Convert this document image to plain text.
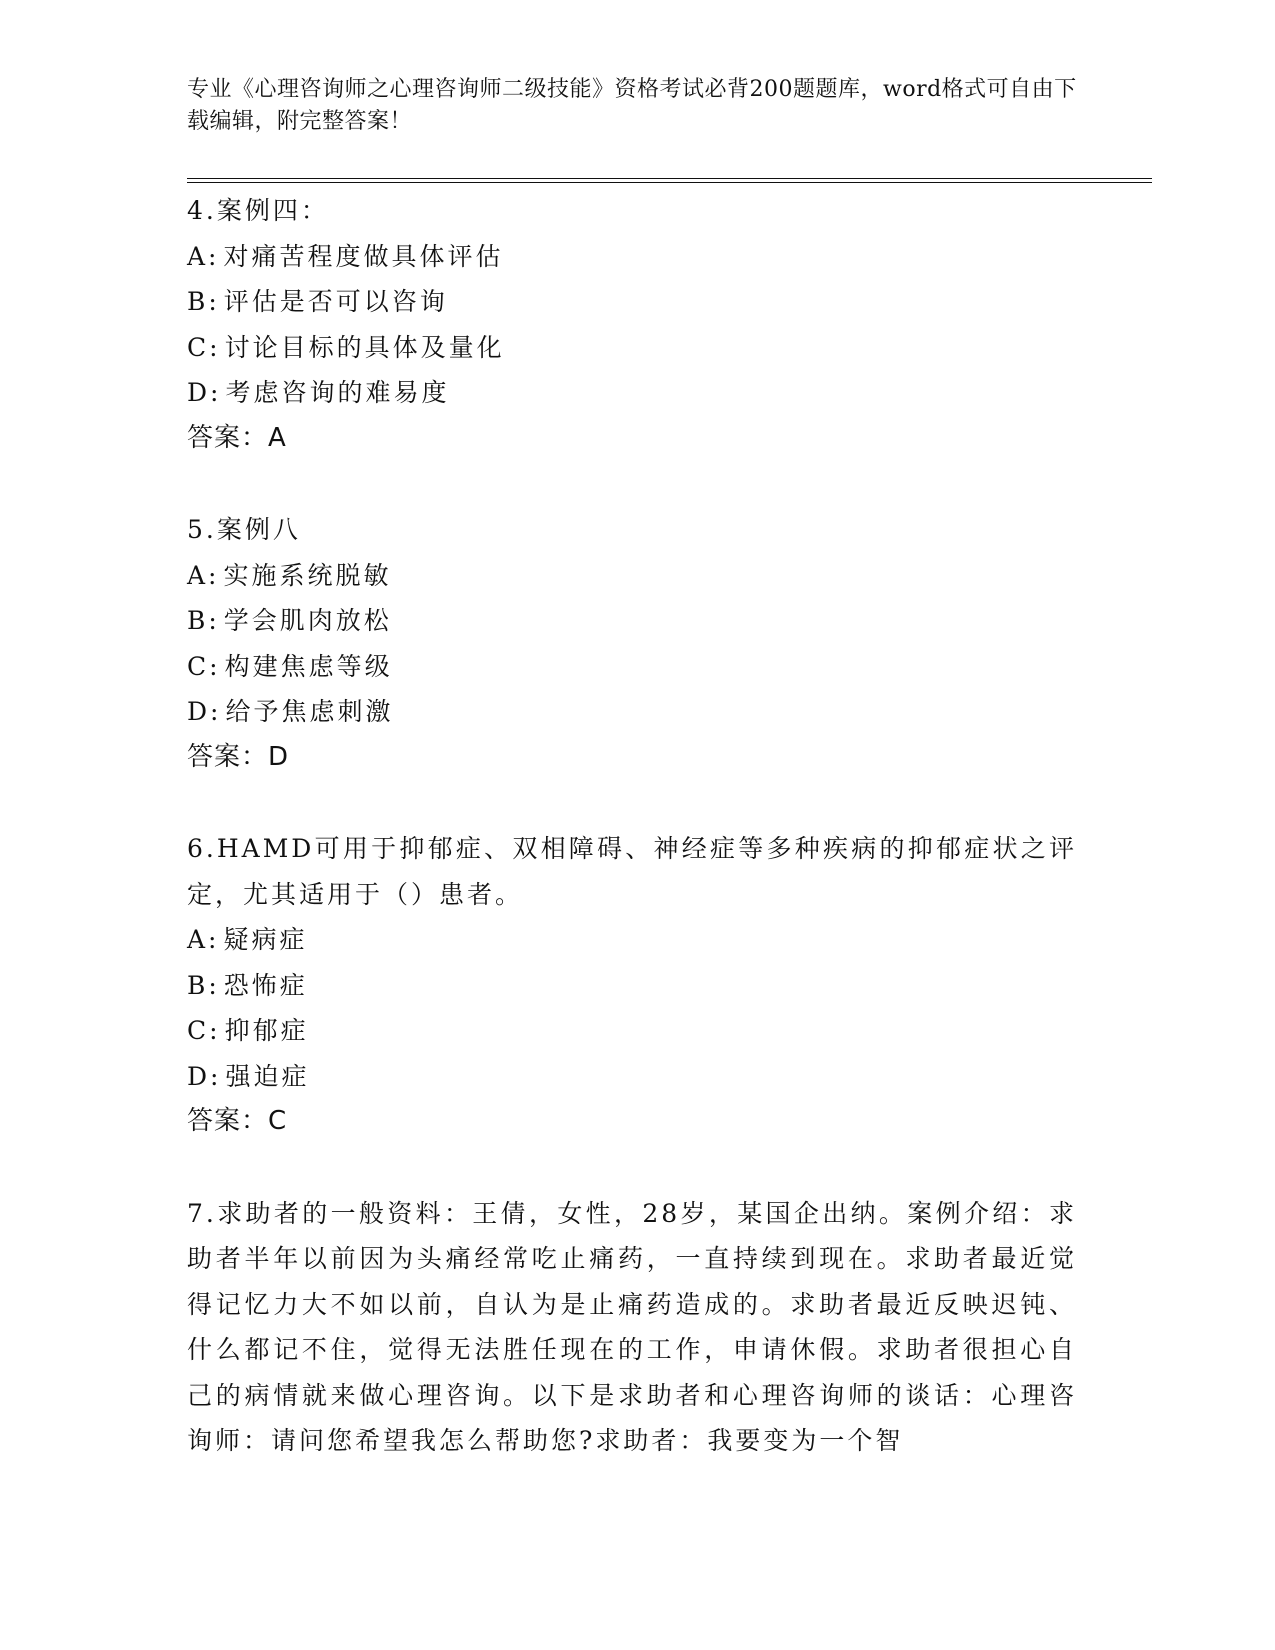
专业《心理咨询师之心理咨询师二级技能》资格考试必背200题题库，word格式可自由下载编辑，附完整答案！
4.案例四：
A: 对痛苦程度做具体评估
B: 评估是否可以咨询
C: 讨论目标的具体及量化
D: 考虑咨询的难易度
答案：A
5.案例八
A: 实施系统脱敏
B: 学会肌肉放松
C: 构建焦虑等级
D: 给予焦虑刺激
答案：D
6.HAMD可用于抑郁症、双相障碍、神经症等多种疾病的抑郁症状之评定，尤其适用于（）患者。
A: 疑病症
B: 恐怖症
C: 抑郁症
D: 强迫症
答案：C
7.求助者的一般资料：王倩，女性，28岁，某国企出纳。案例介绍：求助者半年以前因为头痛经常吃止痛药，一直持续到现在。求助者最近觉得记忆力大不如以前，自认为是止痛药造成的。求助者最近反映迟钝、什么都记不住，觉得无法胜任现在的工作，申请休假。求助者很担心自己的病情就来做心理咨询。以下是求助者和心理咨询师的谈话：心理咨询师：请问您希望我怎么帮助您?求助者：我要变为一个智
